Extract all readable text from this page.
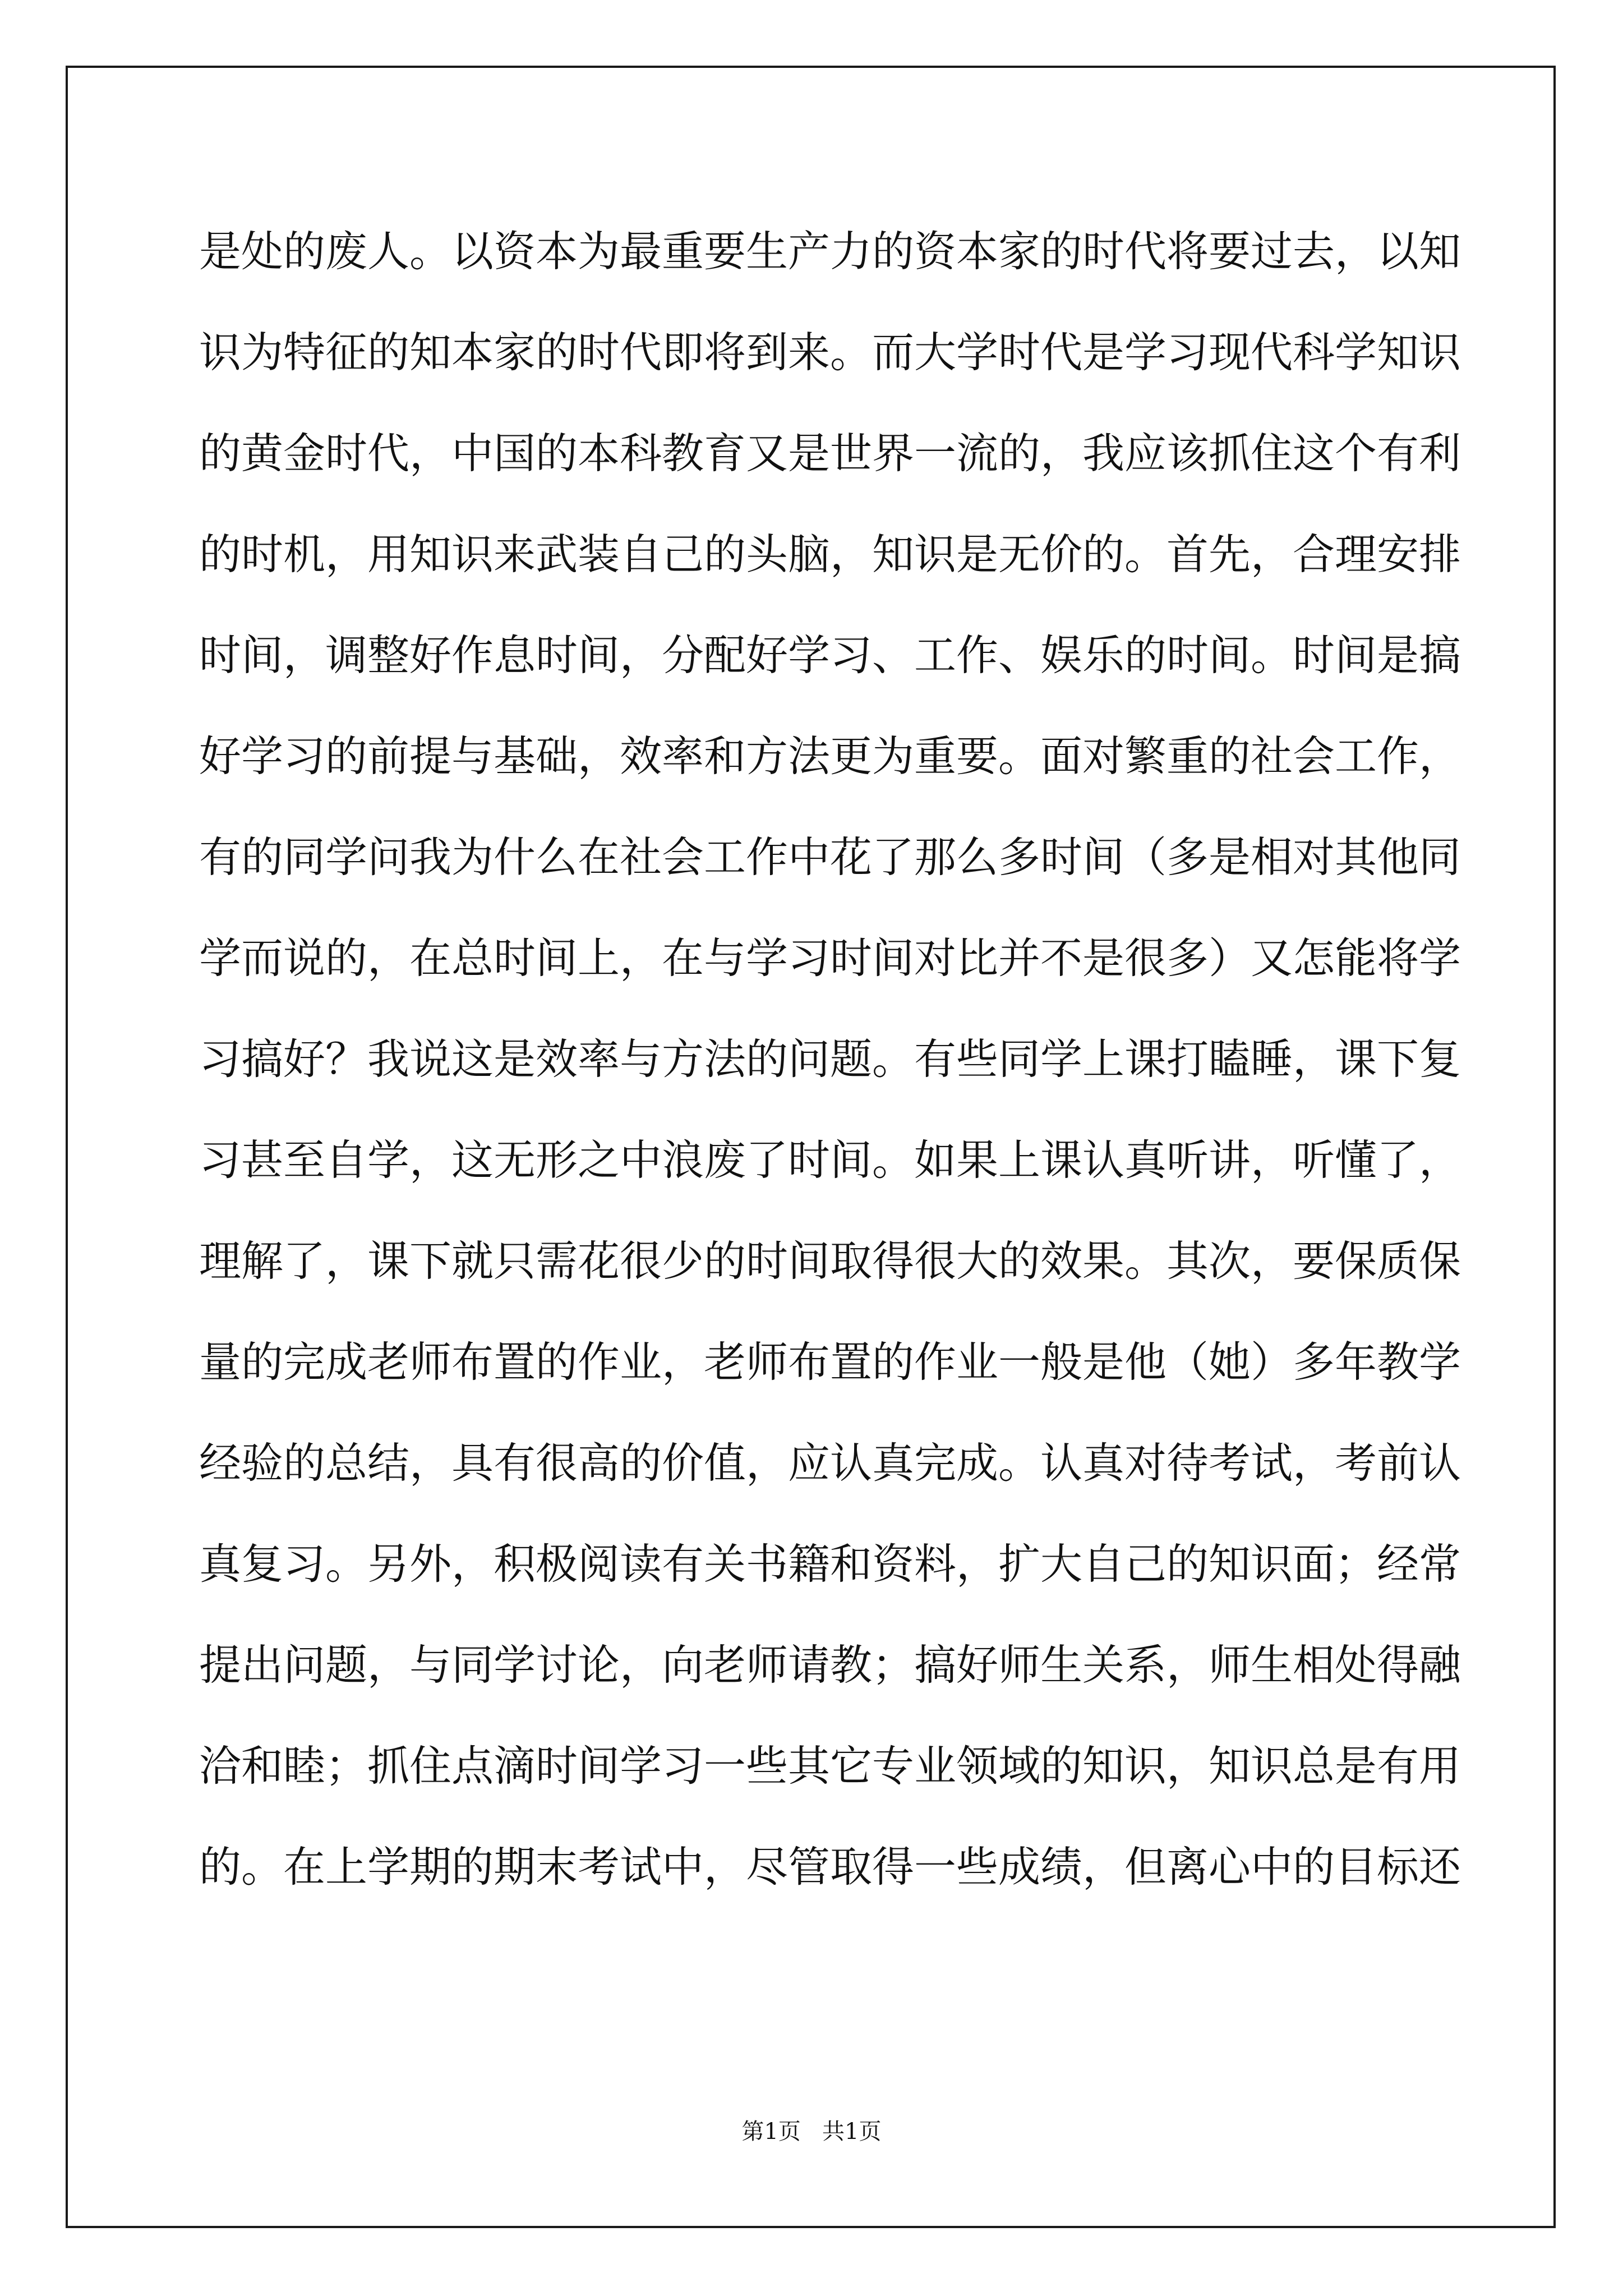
是处的废人。以资本为最重要生产力的资本家的时代将要过去，以知
识为特征的知本家的时代即将到来。而大学时代是学习现代科学知识
的黄金时代，中国的本科教育又是世界一流的，我应该抓住这个有利
的时机，用知识来武装自己的头脑，知识是无价的。首先，合理安排
时间，调整好作息时间，分配好学习、工作、娱乐的时间。时间是搞
好学习的前提与基础，效率和方法更为重要。面对繁重的社会工作，
有的同学问我为什么在社会工作中花了那么多时间（多是相对其他同
学而说的，在总时间上，在与学习时间对比并不是很多）又怎能将学
习搞好？我说这是效率与方法的问题。有些同学上课打瞌睡，课下复
习甚至自学，这无形之中浪废了时间。如果上课认真听讲，听懂了，
理解了，课下就只需花很少的时间取得很大的效果。其次，要保质保
量的完成老师布置的作业，老师布置的作业一般是他（她）多年教学
经验的总结，具有很高的价值，应认真完成。认真对待考试，考前认
真复习。另外，积极阅读有关书籍和资料，扩大自己的知识面；经常
提出问题，与同学讨论，向老师请教；搞好师生关系，师生相处得融
洽和睦；抓住点滴时间学习一些其它专业领域的知识，知识总是有用
的。在上学期的期末考试中，尽管取得一些成绩，但离心中的目标还
第1页   共1页
